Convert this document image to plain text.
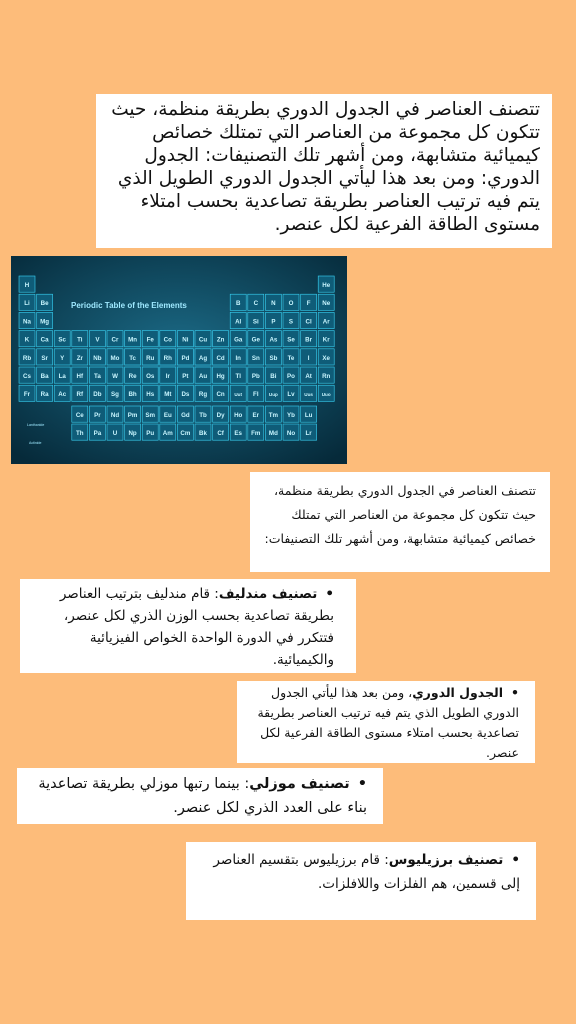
تتصنف العناصر في الجدول الدوري بطريقة منظمة، حيث تتكون كل مجموعة من العناصر التي تمتلك خصائص كيميائية متشابهة، ومن أشهر تلك التصنيفات: الجدول الدوري: ومن بعد هذا ليأتي الجدول الدوري الطويل الذي يتم فيه ترتيب العناصر بطريقة تصاعدية بحسب امتلاء مستوى الطاقة الفرعية لكل عنصر.
H	He
Li Be	B C N O F Ne
Na Mg	Al Si P S Cl Ar
K Ca Sc Ti V Cr Mn Fe Co Ni Cu Zn Ga Ge As Se Br Kr
Rb Sr Y Zr Nb Mo Tc Ru Rh Pd Ag Cd In Sn Sb Te I Xe
Cs Ba La Hf Ta W Re Os Ir Pt Au Hg Tl Pb Bi Po At Rn
Fr Ra Ac Rf Db Sg Bh Hs Mt Ds Rg Cn Uut Fl Uup Lv Uus Uuo
Ce Pr Nd Pm Sm Eu Gd Tb Dy Ho Er Tm Yb Lu
Th Pa U Np Pu Am Cm Bk Cf Es Fm Md No Lr
Periodic Table of the Elements
Lanthanide
Actinide
تتصنف العناصر في الجدول الدوري بطريقة منظمة، حيث تتكون كل مجموعة من العناصر التي تمتلك خصائص كيميائية متشابهة، ومن أشهر تلك التصنيفات:
•تصنيف مندليف: قام مندليف بترتيب العناصر بطريقة تصاعدية بحسب الوزن الذري لكل عنصر، فتتكرر في الدورة الواحدة الخواص الفيزيائية والكيميائية.
•الجدول الدوري، ومن بعد هذا ليأتي الجدول الدوري الطويل الذي يتم فيه ترتيب العناصر بطريقة تصاعدية بحسب امتلاء مستوى الطاقة الفرعية لكل عنصر.
•تصنيف موزلي: بينما رتبها موزلي بطريقة تصاعدية بناء على العدد الذري لكل عنصر.
•تصنيف برزيليوس: قام برزيليوس بتقسيم العناصر إلى قسمين، هم الفلزات واللافلزات.
